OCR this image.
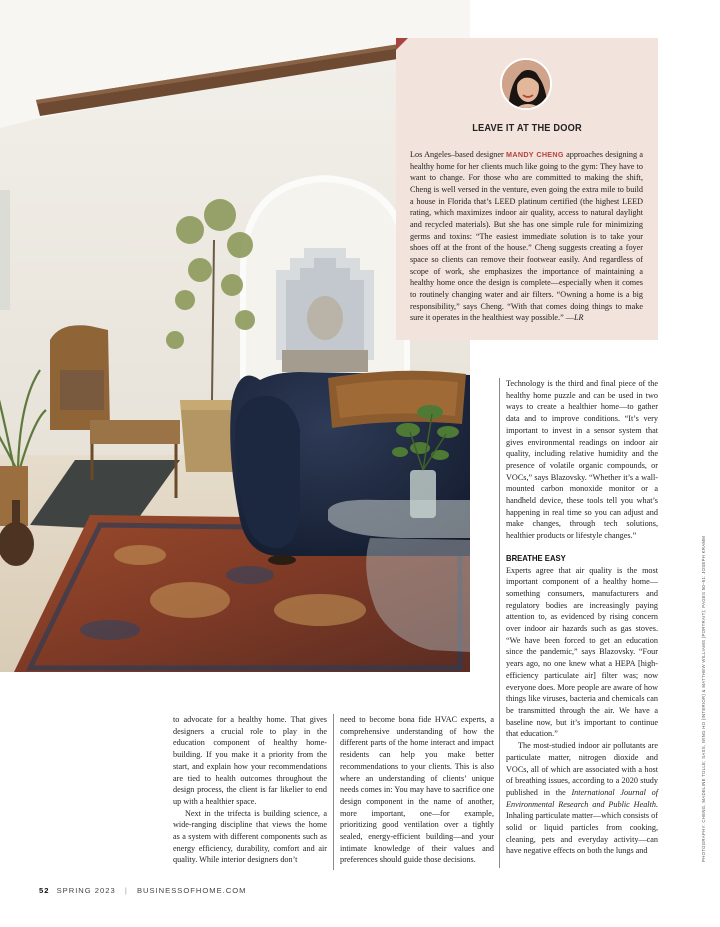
LEAVE IT AT THE DOOR

Los Angeles–based designer MANDY CHENG approaches designing a healthy home for her clients much like going to the gym: They have to want to change. For those who are committed to making the shift, Cheng is well versed in the venture, even going the extra mile to build a house in Florida that’s LEED platinum certified (the highest LEED rating, which maximizes indoor air quality, access to natural daylight and recycled materials). But she has one simple rule for minimizing germs and toxins: “The easiest immediate solution is to take your shoes off at the front of the house.” Cheng suggests creating a foyer space so clients can remove their footwear easily. And regardless of scope of work, she emphasizes the importance of maintaining a healthy home once the design is complete—especially when it comes to routinely changing water and air filters. “Owning a home is a big responsibility,” says Cheng. “With that comes doing things to make sure it operates in the healthiest way possible.” —LR

Technology is the third and final piece of the healthy home puzzle and can be used in two ways to create a healthier home—to gather data and to improve conditions. “It’s very important to invest in a sensor system that gives environmental readings on indoor air quality, including relative humidity and the presence of volatile organic compounds, or VOCs,” says Blazovsky. “Whether it’s a wall-mounted carbon monoxide monitor or a handheld device, these tools tell you what’s happening in real time so you can adjust and make changes, through tech solutions, healthier products or lifestyle changes.”

BREATHE EASY

Experts agree that air quality is the most important component of a healthy home—something consumers, manufacturers and regulatory bodies are increasingly paying attention to, as evidenced by rising concern over indoor air hazards such as gas stoves. “We have been forced to get an education since the pandemic,” says Blazovsky. “Four years ago, no one knew what a HEPA [high-efficiency particulate air] filter was; now everyone does. More people are aware of how things like viruses, bacteria and chemicals can be transmitted through the air. We have a baseline now, but it’s important to continue that education.”

The most-studied indoor air pollutants are particulate matter, nitrogen dioxide and VOCs, all of which are associated with a host of breathing issues, according to a 2020 study published in the International Journal of Environmental Research and Public Health. Inhaling particulate matter—which consists of solid or liquid particles from cooking, cleaning, pets and everyday activity—can have negative effects on both the lungs and

to advocate for a healthy home. That gives designers a crucial role to play in the education component of healthy home-building. If you make it a priority from the start, and explain how your recommendations are tied to health outcomes throughout the design process, the client is far likelier to end up with a healthier space.

Next in the trifecta is building science, a wide-ranging discipline that views the home as a system with different components such as energy efficiency, durability, comfort and air quality. While interior designers don’t

need to become bona fide HVAC experts, a comprehensive understanding of how the different parts of the home interact and impact residents can help you make better recommendations to your clients. This is also where an understanding of clients’ unique needs comes in: You may have to sacrifice one design component in the name of another, more important, one—for example, prioritizing good ventilation over a tightly sealed, energy-efficient building—and your intimate knowledge of their values and preferences should guide those decisions.	PHOTOGRAPHY: CHENG, MADELINE TOLLE; SASS, WING HO (INTERIOR) & MATTHEW WILLIAMS (PORTRAIT); PAGES 50–51: JOSEPH KRAMM
52 SPRING 2023 | BUSINESSOFHOME.COM
